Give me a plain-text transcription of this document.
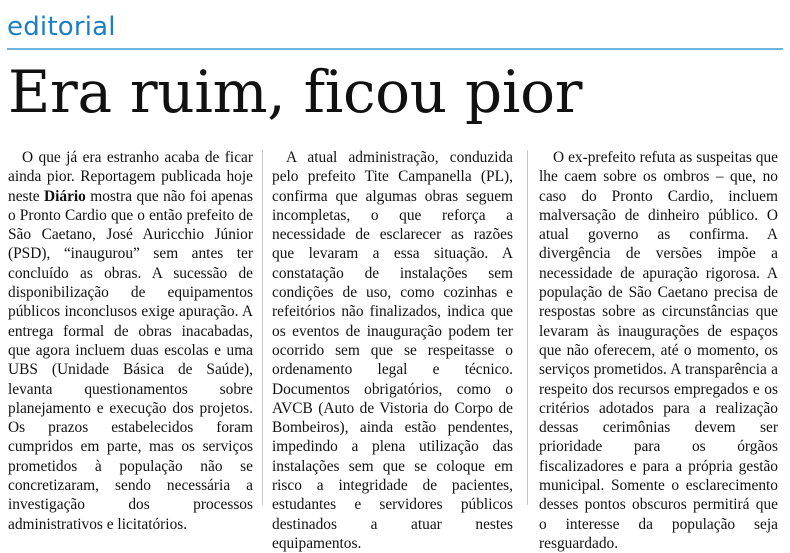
editorial
Era ruim, ficou pior

O que já era estranho acaba de ficar ainda pior. Reportagem publicada hoje neste Diário mostra que não foi apenas o Pronto Cardio que o então prefeito de São Caetano, José Auricchio Júnior (PSD), “inaugurou” sem antes ter concluído as obras. A sucessão de disponibilização de equipamentos públicos inconclusos exige apuração. A entrega formal de obras inacabadas, que agora incluem duas escolas e uma UBS (Unidade Básica de Saúde), levanta questionamentos sobre planejamento e execução dos projetos. Os prazos estabelecidos foram cumpridos em parte, mas os serviços prometidos à população não se concretizaram, sendo necessária a investigação dos processos administrativos e licitatórios.

A atual administração, conduzida pelo prefeito Tite Campanella (PL), confirma que algumas obras seguem incompletas, o que reforça a necessidade de esclarecer as razões que levaram a essa situação. A constatação de instalações sem condições de uso, como cozinhas e refeitórios não finalizados, indica que os eventos de inauguração podem ter ocorrido sem que se respeitasse o ordenamento legal e técnico. Documentos obrigatórios, como o AVCB (Auto de Vistoria do Corpo de Bombeiros), ainda estão pendentes, impedindo a plena utilização das instalações sem que se coloque em risco a integridade de pacientes, estudantes e servidores públicos destinados a atuar nestes equipamentos.

O ex-prefeito refuta as suspeitas que lhe caem sobre os ombros – que, no caso do Pronto Cardio, incluem malversação de dinheiro público. O atual governo as confirma. A divergência de versões impõe a necessidade de apuração rigorosa. A população de São Caetano precisa de respostas sobre as circunstâncias que levaram às inaugurações de espaços que não oferecem, até o momento, os serviços prometidos. A transparência a respeito dos recursos empregados e os critérios adotados para a realização dessas cerimônias devem ser prioridade para os órgãos fiscalizadores e para a própria gestão municipal. Somente o esclarecimento desses pontos obscuros permitirá que o interesse da população seja resguardado.
